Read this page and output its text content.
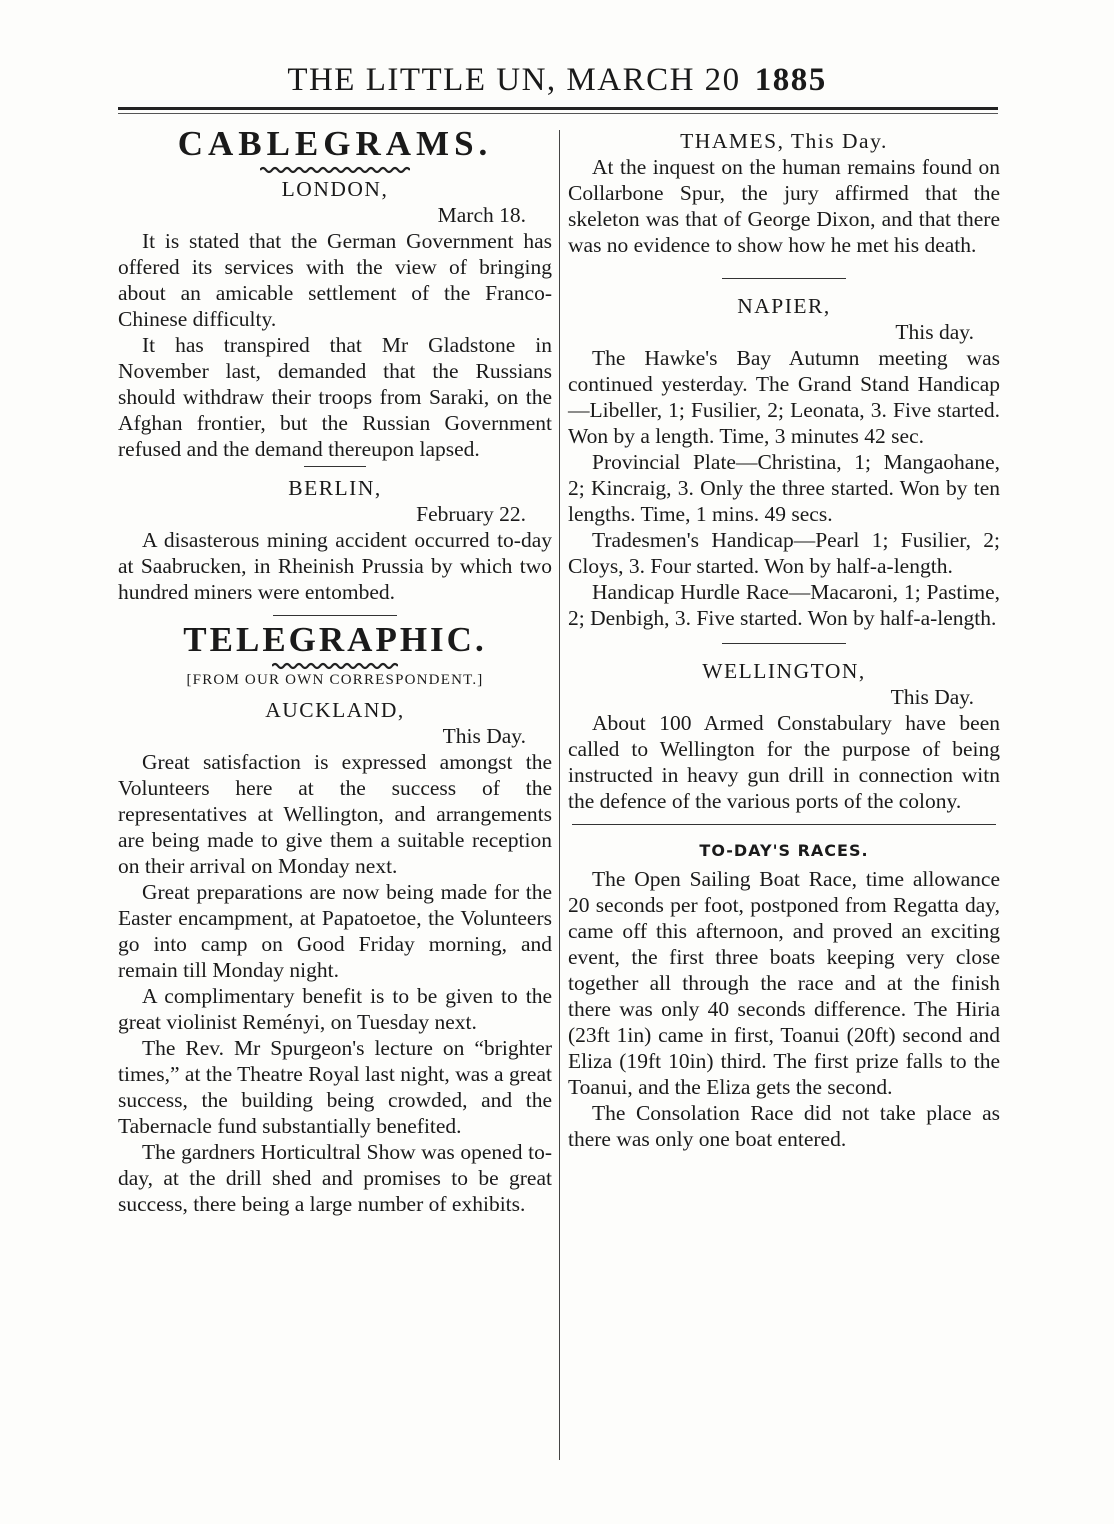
THE LITTLE UN, MARCH 20 1885
CABLEGRAMS.
LONDON,
March 18.

It is stated that the German Government has offered its services with the view of bringing about an amicable settlement of the Franco-Chinese difficulty.

It has transpired that Mr Gladstone in November last, demanded that the Russians should withdraw their troops from Saraki, on the Afghan frontier, but the Russian Government refused and the demand thereupon lapsed.

BERLIN,
February 22.

A disasterous mining accident occurred to-day at Saabrucken, in Rheinish Prussia by which two hundred miners were entombed.

TELEGRAPHIC.
[FROM OUR OWN CORRESPONDENT.]
AUCKLAND,
This Day.

Great satisfaction is expressed amongst the Volunteers here at the success of the representatives at Wellington, and arrangements are being made to give them a suitable reception on their arrival on Monday next.

Great preparations are now being made for the Easter encampment, at Papatoetoe, the Volunteers go into camp on Good Friday morning, and remain till Monday night.

A complimentary benefit is to be given to the great violinist Reményi, on Tuesday next.

The Rev. Mr Spurgeon's lecture on “brighter times,” at the Theatre Royal last night, was a great success, the building being crowded, and the Tabernacle fund substantially benefited.

The gardners Horticultral Show was opened to-day, at the drill shed and promises to be great success, there being a large number of exhibits.

THAMES, This Day.

At the inquest on the human remains found on Collarbone Spur, the jury affirmed that the skeleton was that of George Dixon, and that there was no evidence to show how he met his death.

NAPIER,
This day.

The Hawke's Bay Autumn meeting was continued yesterday. The Grand Stand Handicap—Libeller, 1; Fusilier, 2; Leonata, 3. Five started. Won by a length. Time, 3 minutes 42 sec.

Provincial Plate—Christina, 1; Mangaohane, 2; Kincraig, 3. Only the three started. Won by ten lengths. Time, 1 mins. 49 secs.

Tradesmen's Handicap—Pearl 1; Fusilier, 2; Cloys, 3. Four started. Won by half-a-length.

Handicap Hurdle Race—Macaroni, 1; Pastime, 2; Denbigh, 3. Five started. Won by half-a-length.

WELLINGTON,
This Day.

About 100 Armed Constabulary have been called to Wellington for the purpose of being instructed in heavy gun drill in connection witn the defence of the various ports of the colony.

TO-DAY'S RACES.

The Open Sailing Boat Race, time allowance 20 seconds per foot, postponed from Regatta day, came off this afternoon, and proved an exciting event, the first three boats keeping very close together all through the race and at the finish there was only 40 seconds difference. The Hiria (23ft 1in) came in first, Toanui (20ft) second and Eliza (19ft 10in) third. The first prize falls to the Toanui, and the Eliza gets the second.

The Consolation Race did not take place as there was only one boat entered.
